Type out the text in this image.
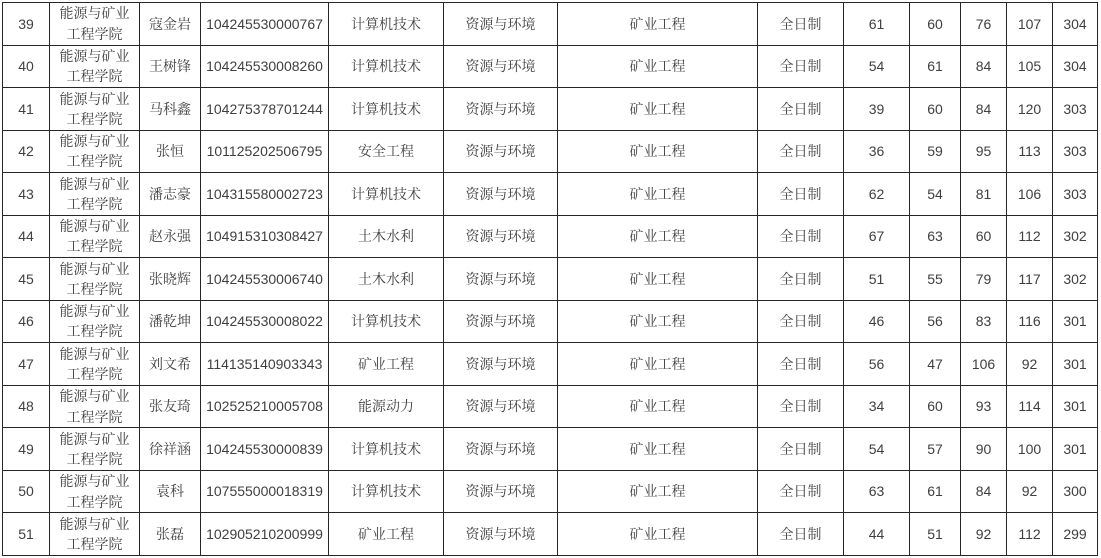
39	能源与矿业工程学院	寇金岩	104245530000767	计算机技术	资源与环境	矿业工程	全日制	61	60	76	107	304
40	能源与矿业工程学院	王树锋	104245530008260	计算机技术	资源与环境	矿业工程	全日制	54	61	84	105	304
41	能源与矿业工程学院	马科鑫	104275378701244	计算机技术	资源与环境	矿业工程	全日制	39	60	84	120	303
42	能源与矿业工程学院	张恒	101125202506795	安全工程	资源与环境	矿业工程	全日制	36	59	95	113	303
43	能源与矿业工程学院	潘志豪	104315580002723	计算机技术	资源与环境	矿业工程	全日制	62	54	81	106	303
44	能源与矿业工程学院	赵永强	104915310308427	土木水利	资源与环境	矿业工程	全日制	67	63	60	112	302
45	能源与矿业工程学院	张晓辉	104245530006740	土木水利	资源与环境	矿业工程	全日制	51	55	79	117	302
46	能源与矿业工程学院	潘乾坤	104245530008022	计算机技术	资源与环境	矿业工程	全日制	46	56	83	116	301
47	能源与矿业工程学院	刘文希	114135140903343	矿业工程	资源与环境	矿业工程	全日制	56	47	106	92	301
48	能源与矿业工程学院	张友琦	102525210005708	能源动力	资源与环境	矿业工程	全日制	34	60	93	114	301
49	能源与矿业工程学院	徐祥涵	104245530000839	计算机技术	资源与环境	矿业工程	全日制	54	57	90	100	301
50	能源与矿业工程学院	袁科	107555000018319	计算机技术	资源与环境	矿业工程	全日制	63	61	84	92	300
51	能源与矿业工程学院	张磊	102905210200999	矿业工程	资源与环境	矿业工程	全日制	44	51	92	112	299
